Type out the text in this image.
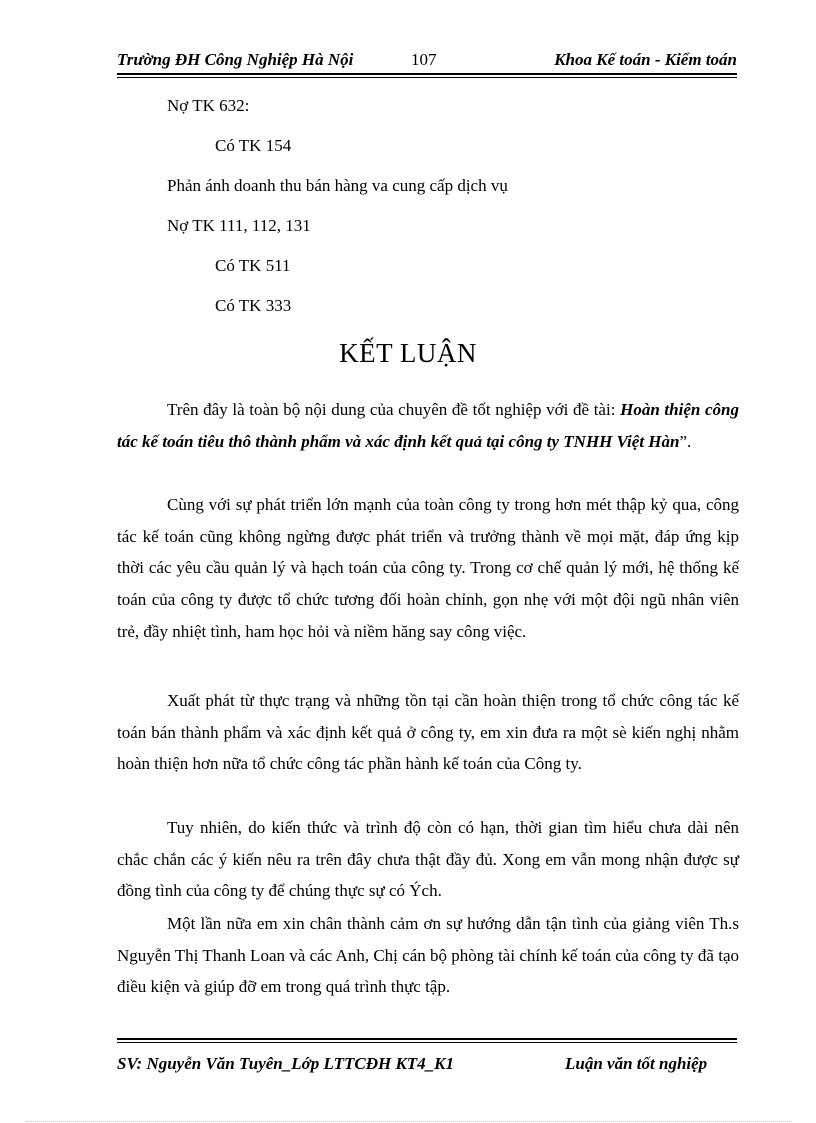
Trường ĐH Công Nghiệp Hà Nội	107	Khoa Kế toán - Kiểm toán
Nợ TK 632:
Có TK 154
Phản ánh doanh thu bán hàng va cung cấp dịch vụ
Nợ TK 111, 112, 131
Có TK 511
Có TK 333
KẾT LUẬN
Trên đây là toàn bộ nội dung của chuyên đề tốt nghiệp với đề tài: Hoàn thiện công tác kế toán tiêu thô thành phẩm và xác định kết quả tại công ty TNHH Việt Hàn”.
Cùng với sự phát triển lớn mạnh của toàn công ty trong hơn mét thập kỷ qua, công tác kế toán cũng không ngừng được phát triển và trưởng thành về mọi mặt, đáp ứng kịp thời các yêu cầu quản lý và hạch toán của công ty. Trong cơ chế quản lý mới, hệ thống kế toán của công ty được tổ chức tương đối hoàn chỉnh, gọn nhẹ với một đội ngũ nhân viên trẻ, đầy nhiệt tình, ham học hỏi và niềm hăng say công việc.
Xuất phát từ thực trạng và những tồn tại cần hoàn thiện trong tổ chức công tác kế toán bán thành phẩm và xác định kết quả ở công ty, em xin đưa ra một sè kiến nghị nhằm hoàn thiện hơn nữa tổ chức công tác phần hành kế toán của Công ty.
Tuy nhiên, do kiến thức và trình độ còn có hạn, thời gian tìm hiểu chưa dài nên chắc chắn các ý kiến nêu ra trên đây chưa thật đầy đủ. Xong em vẫn mong nhận được sự đồng tình của công ty để chúng thực sự có Ých.
Một lần nữa em xin chân thành cảm ơn sự hướng dẫn tận tình của giảng viên Th.s Nguyễn Thị Thanh Loan và các Anh, Chị cán bộ phòng tài chính kế toán của công ty đã tạo điều kiện và giúp đỡ em trong quá trình thực tập.
SV: Nguyễn Văn Tuyên_Lớp LTTCĐH KT4_K1	Luận văn tốt nghiệp
